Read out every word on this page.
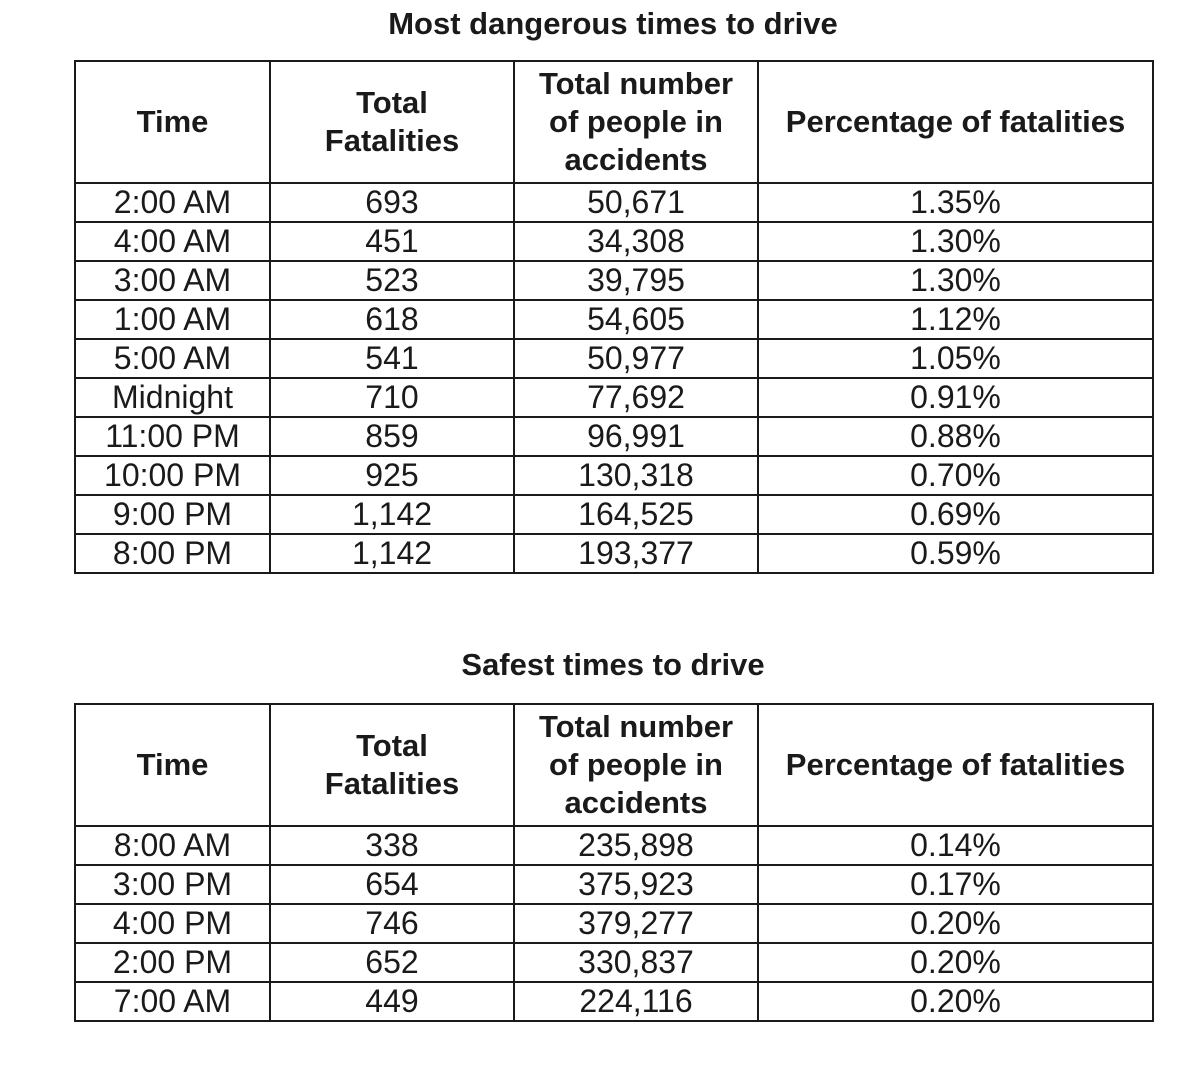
Most dangerous times to drive
Time	Total Fatalities	Total number of people in accidents	Percentage of fatalities
2:00 AM	693	50,671	1.35%
4:00 AM	451	34,308	1.30%
3:00 AM	523	39,795	1.30%
1:00 AM	618	54,605	1.12%
5:00 AM	541	50,977	1.05%
Midnight	710	77,692	0.91%
11:00 PM	859	96,991	0.88%
10:00 PM	925	130,318	0.70%
9:00 PM	1,142	164,525	0.69%
8:00 PM	1,142	193,377	0.59%
Safest times to drive
Time	Total Fatalities	Total number of people in accidents	Percentage of fatalities
8:00 AM	338	235,898	0.14%
3:00 PM	654	375,923	0.17%
4:00 PM	746	379,277	0.20%
2:00 PM	652	330,837	0.20%
7:00 AM	449	224,116	0.20%
